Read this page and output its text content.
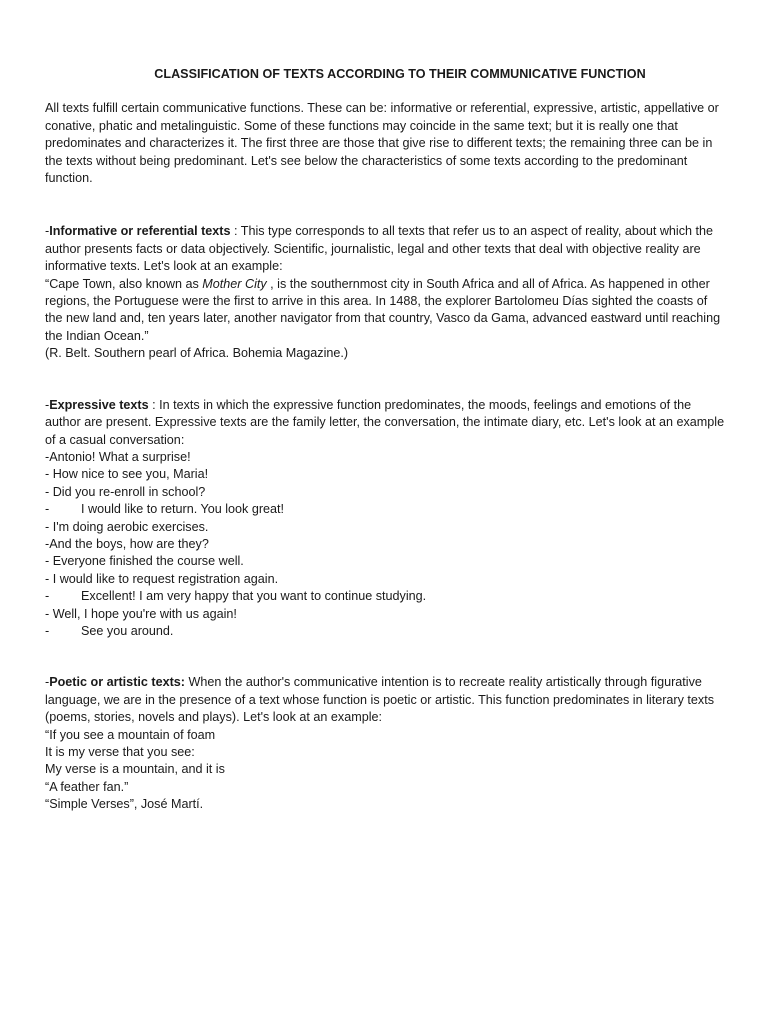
CLASSIFICATION OF TEXTS ACCORDING TO THEIR COMMUNICATIVE FUNCTION

All texts fulfill certain communicative functions. These can be: informative or referential, expressive, artistic, appellative or conative, phatic and metalinguistic. Some of these functions may coincide in the same text; but it is really one that predominates and characterizes it. The first three are those that give rise to different texts; the remaining three can be in the texts without being predominant. Let's see below the characteristics of some texts according to the predominant function.

-Informative or referential texts : This type corresponds to all texts that refer us to an aspect of reality, about which the author presents facts or data objectively. Scientific, journalistic, legal and other texts that deal with objective reality are informative texts. Let's look at an example:

“Cape Town, also known as Mother City , is the southernmost city in South Africa and all of Africa. As happened in other regions, the Portuguese were the first to arrive in this area. In 1488, the explorer Bartolomeu Días sighted the coasts of the new land and, ten years later, another navigator from that country, Vasco da Gama, advanced eastward until reaching the Indian Ocean.”

(R. Belt. Southern pearl of Africa. Bohemia Magazine.)

-Expressive texts : In texts in which the expressive function predominates, the moods, feelings and emotions of the author are present. Expressive texts are the family letter, the conversation, the intimate diary, etc. Let's look at an example of a casual conversation:

-Antonio! What a surprise!
- How nice to see you, Maria!
- Did you re-enroll in school?
-	I would like to return. You look great!
- I'm doing aerobic exercises.
-And the boys, how are they?
- Everyone finished the course well.
- I would like to request registration again.
-	Excellent! I am very happy that you want to continue studying.
- Well, I hope you're with us again!
-	See you around.

-Poetic or artistic texts: When the author's communicative intention is to recreate reality artistically through figurative language, we are in the presence of a text whose function is poetic or artistic. This function predominates in literary texts (poems, stories, novels and plays). Let's look at an example:

“If you see a mountain of foam
It is my verse that you see:
My verse is a mountain, and it is
“A feather fan.”
“Simple Verses”, José Martí.
